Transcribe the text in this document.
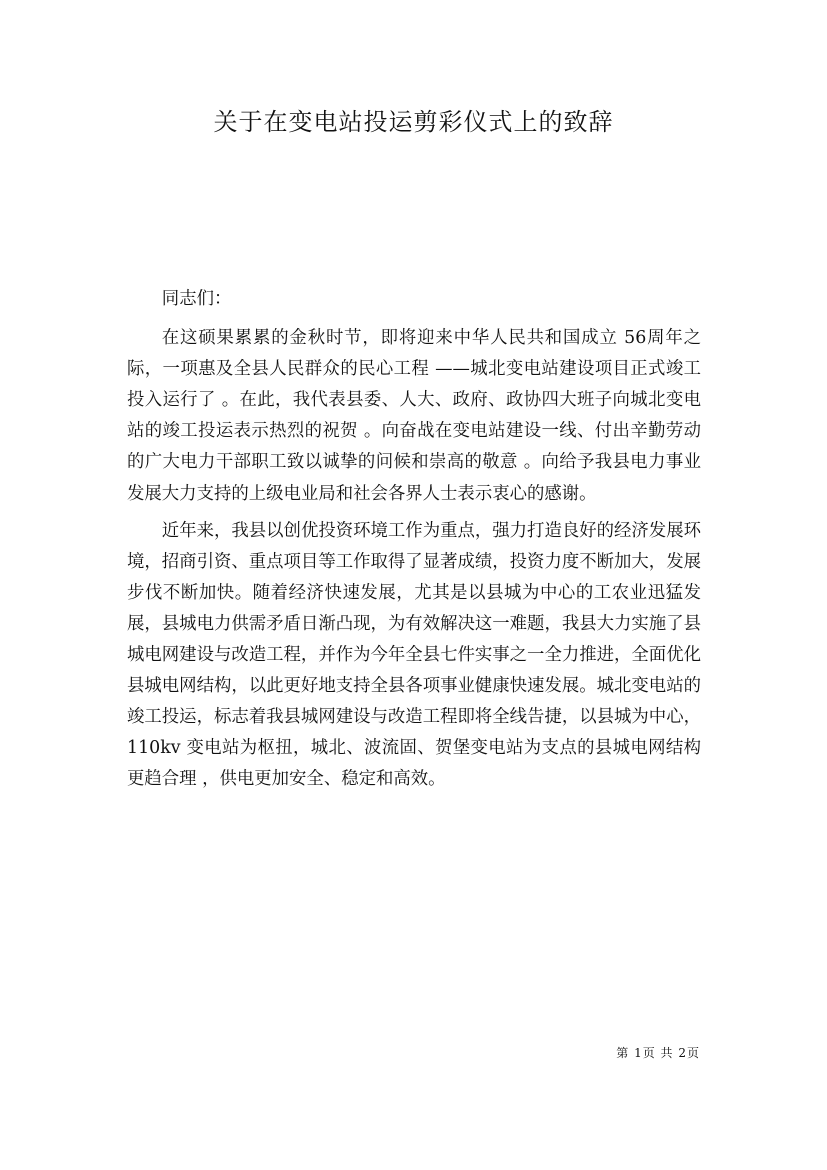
关于在变电站投运剪彩仪式上的致辞

同志们：

在这硕果累累的金秋时节，即将迎来中华人民共和国成立 56周年之际，一项惠及全县人民群众的民心工程 ——城北变电站建设项目正式竣工投入运行了 。在此，我代表县委、人大、政府、政协四大班子向城北变电站的竣工投运表示热烈的祝贺 。向奋战在变电站建设一线、付出辛勤劳动的广大电力干部职工致以诚挚的问候和崇高的敬意 。向给予我县电力事业发展大力支持的上级电业局和社会各界人士表示衷心的感谢。

近年来，我县以创优投资环境工作为重点，强力打造良好的经济发展环境，招商引资、重点项目等工作取得了显著成绩，投资力度不断加大，发展步伐不断加快。随着经济快速发展，尤其是以县城为中心的工农业迅猛发展，县城电力供需矛盾日渐凸现，为有效解决这一难题，我县大力实施了县城电网建设与改造工程，并作为今年全县七件实事之一全力推进，全面优化县城电网结构，以此更好地支持全县各项事业健康快速发展。城北变电站的竣工投运，标志着我县城网建设与改造工程即将全线告捷，以县城为中心，110kv 变电站为枢扭，城北、波流固、贺堡变电站为支点的县城电网结构更趋合理 ，供电更加安全、稳定和高效。

第 1页 共 2页
